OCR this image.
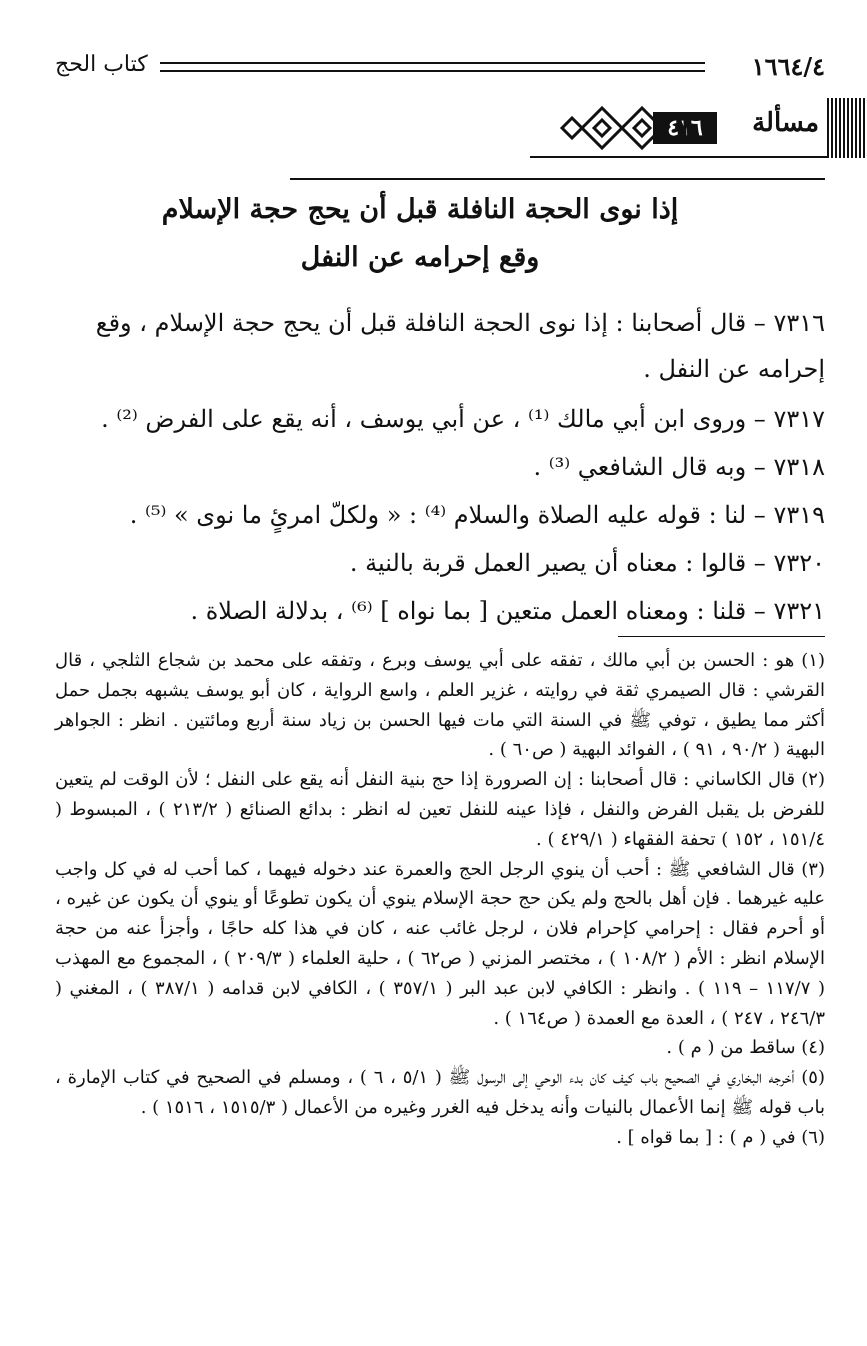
١٦٦٤/٤
كتاب الحج
مسألة
٤١٦
إذا نوى الحجة النافلة قبل أن يحج حجة الإسلام
وقع إحرامه عن النفل

٧٣١٦ – قال أصحابنا : إذا نوى الحجة النافلة قبل أن يحج حجة الإسلام ، وقع إحرامه عن النفل .

٧٣١٧ – وروى ابن أبي مالك ⁽¹⁾ ، عن أبي يوسف ، أنه يقع على الفرض ⁽²⁾ .

٧٣١٨ – وبه قال الشافعي ⁽³⁾ .

٧٣١٩ – لنا : قوله عليه الصلاة والسلام ⁽⁴⁾ : « ولكلّ امرئٍ ما نوى » ⁽⁵⁾ .

٧٣٢٠ – قالوا : معناه أن يصير العمل قربة بالنية .

٧٣٢١ – قلنا : ومعناه العمل متعين [ بما نواه ] ⁽⁶⁾ ، بدلالة الصلاة .

(١) هو : الحسن بن أبي مالك ، تفقه على أبي يوسف وبرع ، وتفقه على محمد بن شجاع الثلجي ، قال القرشي : قال الصيمري ثقة في روايته ، غزير العلم ، واسع الرواية ، كان أبو يوسف يشبهه بجمل حمل أكثر مما يطيق ، توفي ﷺ في السنة التي مات فيها الحسن بن زياد سنة أربع ومائتين . انظر : الجواهر البهية ( ٩٠/٢ ، ٩١ ) ، الفوائد البهية ( ص٦٠ ) .

(٢) قال الكاساني : قال أصحابنا : إن الصرورة إذا حج بنية النفل أنه يقع على النفل ؛ لأن الوقت لم يتعين للفرض بل يقبل الفرض والنفل ، فإذا عينه للنفل تعين له انظر : بدائع الصنائع ( ٢١٣/٢ ) ، المبسوط ( ١٥١/٤ ، ١٥٢ ) تحفة الفقهاء ( ٤٢٩/١ ) .

(٣) قال الشافعي ﷺ : أحب أن ينوي الرجل الحج والعمرة عند دخوله فيهما ، كما أحب له في كل واجب عليه غيرهما . فإن أهل بالحج ولم يكن حج حجة الإسلام ينوي أن يكون تطوعًا أو ينوي أن يكون عن غيره ، أو أحرم فقال : إحرامي كإحرام فلان ، لرجل غائب عنه ، كان في هذا كله حاجًا ، وأجزأ عنه من حجة الإسلام انظر : الأم ( ١٠٨/٢ ) ، مختصر المزني ( ص٦٢ ) ، حلية العلماء ( ٢٠٩/٣ ) ، المجموع مع المهذب ( ١١٧/٧ – ١١٩ ) . وانظر : الكافي لابن عبد البر ( ٣٥٧/١ ) ، الكافي لابن قدامه ( ٣٨٧/١ ) ، المغني ( ٢٤٦/٣ ، ٢٤٧ ) ، العدة مع العمدة ( ص١٦٤ ) .

(٤) ساقط من ( م ) .

(٥) أخرجه البخاري في الصحيح باب كيف كان بدء الوحي إلى الرسول ﷺ ( ٥/١ ، ٦ ) ، ومسلم في الصحيح في كتاب الإمارة ، باب قوله ﷺ إنما الأعمال بالنيات وأنه يدخل فيه الغرر وغيره من الأعمال ( ١٥١٥/٣ ، ١٥١٦ ) .

(٦) في ( م ) : [ بما قواه ] .
